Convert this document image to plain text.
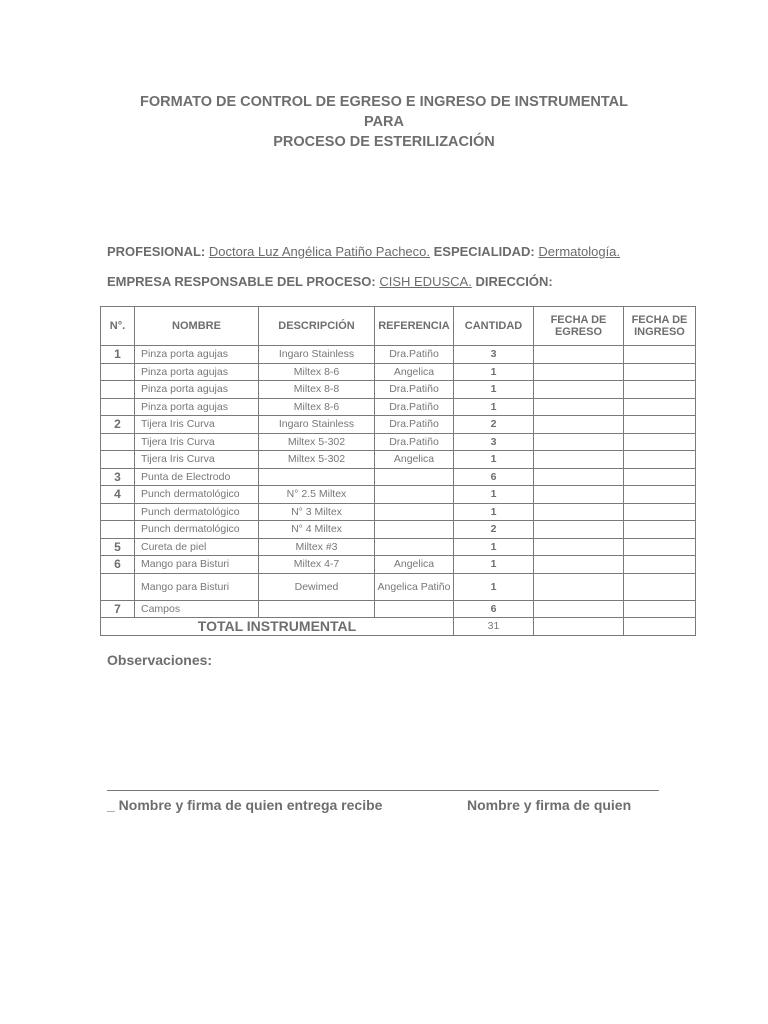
FORMATO DE CONTROL DE EGRESO E INGRESO DE INSTRUMENTAL
PARA
PROCESO DE ESTERILIZACIÓN
PROFESIONAL: Doctora Luz Angélica Patiño Pacheco. ESPECIALIDAD: Dermatología.
EMPRESA RESPONSABLE DEL PROCESO: CISH EDUSCA. DIRECCIÓN:
N°.	NOMBRE	DESCRIPCIÓN	REFERENCIA	CANTIDAD	FECHA DE EGRESO	FECHA DE INGRESO
1	Pinza porta agujas	Ingaro Stainless	Dra.Patiño	3		
	Pinza porta agujas	Miltex 8-6	Angelica	1		
	Pinza porta agujas	Miltex 8-8	Dra.Patiño	1		
	Pinza porta agujas	Miltex 8-6	Dra.Patiño	1		
2	Tijera Iris Curva	Ingaro Stainless	Dra.Patiño	2		
	Tijera Iris Curva	Miltex 5-302	Dra.Patiño	3		
	Tijera Iris Curva	Miltex 5-302	Angelica	1		
3	Punta de Electrodo			6		
4	Punch dermatológico	N° 2.5 Miltex		1		
	Punch dermatológico	N° 3 Miltex		1		
	Punch dermatológico	N° 4 Miltex		2		
5	Cureta de piel	Miltex #3		1		
6	Mango para Bisturi	Miltex 4-7	Angelica	1		
	Mango para Bisturi	Dewimed	Angelica Patiño	1		
7	Campos			6		
TOTAL INSTRUMENTAL				31		
Observaciones:
_ Nombre y firma de quien entrega recibe	Nombre y firma de quien
